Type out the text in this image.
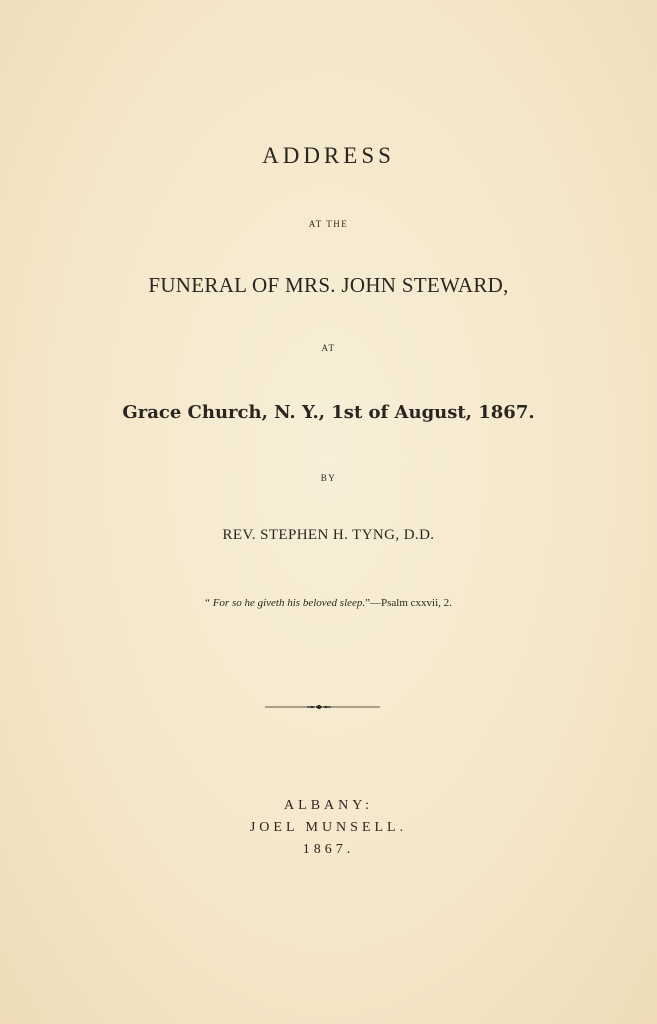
ADDRESS
AT THE
FUNERAL OF MRS. JOHN STEWARD,
AT
Grace Church, N. Y., 1st of August, 1867.
BY
REV. STEPHEN H. TYNG, D.D.
“ For so he giveth his beloved sleep.”—Psalm cxxvii, 2.
ALBANY:
JOEL MUNSELL.
1867.
